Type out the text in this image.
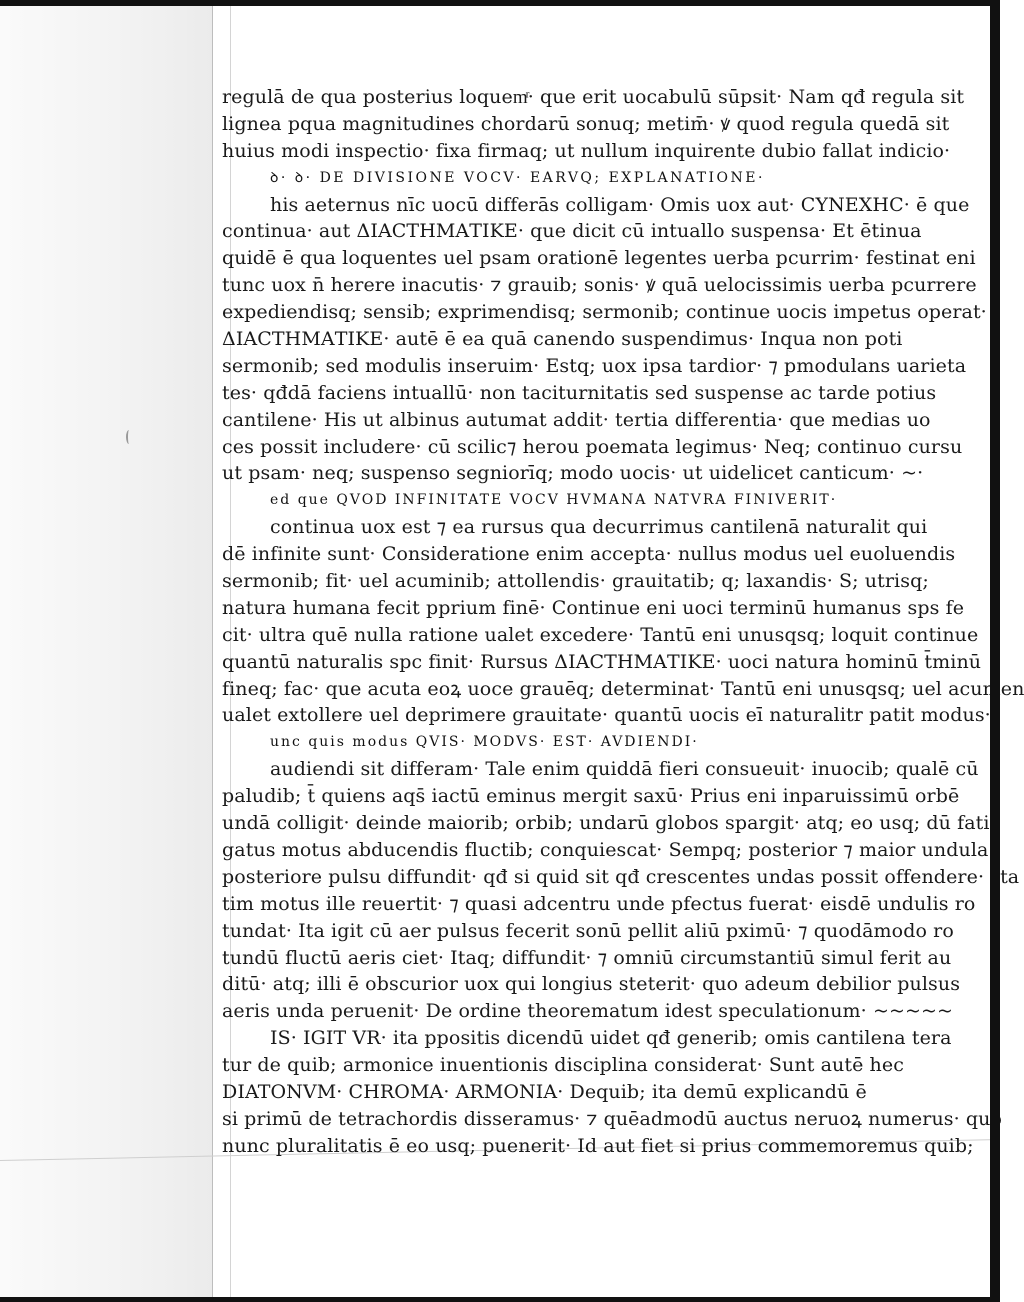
regulā de qua posterius loquemͬ· que erit uocabulū sūpsit· Nam qđ regula sit
lignea pqua magnitudines chordarū sonuq; metim̄· ꝟ quod regula quedā sit
huius modi inspectio· fixa firmaq; ut nullum inquirente dubio fallat indicio·
ꝺ· ꝺ· DE DIVISIONE VOCV· EARVQ; EXPLANATIONE·
his aeternus nīc uocū differās colligam· Omis uox aut· CYNEXHC· ē que
continua· aut ΔΙΑCΤΗΜΑΤΙΚΕ· que dicit cū intuallo suspensa· Et ētinua
quidē ē qua loquentes uel psam orationē legentes uerba pcurrim· festinat eni
tunc uox n̄ herere inacutis· ⁊ grauib; sonis· ꝟ quā uelocissimis uerba pcurrere
expediendisq; sensib; exprimendisq; sermonib; continue uocis impetus operat·
ΔΙΑCΤΗΜΑΤΙΚΕ· autē ē ea quā canendo suspendimus· Inqua non poti
sermonib; sed modulis inseruim· Estq; uox ipsa tardior· ⁊ pmodulans uarieta
tes· qđdā faciens intuallū· non taciturnitatis sed suspense ac tarde potius
cantilene· His ut albinus autumat addit· tertia differentia· que medias uo
ces possit includere· cū scilic⁊ herou poemata legimus· Neq; continuo cursu
ut psam· neq; suspenso segniorīq; modo uocis· ut uidelicet canticum· ~·
ed que QVOD INFINITATE VOCV HVMANA NATVRA FINIVERIT·
continua uox est ⁊ ea rursus qua decurrimus cantilenā naturalit qui
dē infinite sunt· Consideratione enim accepta· nullus modus uel euoluendis
sermonib; fit· uel acuminib; attollendis· grauitatib; q; laxandis· S; utrisq;
natura humana fecit pprium finē· Continue eni uoci terminū humanus sps fe
cit· ultra quē nulla ratione ualet excedere· Tantū eni unusqsq; loquit continue
quantū naturalis spc finit· Rursus ΔΙΑCΤΗΜΑΤΙΚΕ· uoci natura hominū t̄minū
fineq; fac· que acuta eoꝝ uoce grauēq; determinat· Tantū eni unusqsq; uel acumen
ualet extollere uel deprimere grauitate· quantū uocis eī naturalitr patit modus·
unc quis modus QVIS· MODVS· EST· AVDIENDI·
audiendi sit differam· Tale enim quiddā fieri consueuit· inuocib; qualē cū
paludib; t̄ quiens aqs̄ iactū eminus mergit saxū· Prius eni inparuissimū orbē
undā colligit· deinde maiorib; orbib; undarū globos spargit· atq; eo usq; dū fati
gatus motus abducendis fluctib; conquiescat· Sempq; posterior ⁊ maior undula
posteriore pulsu diffundit· qđ si quid sit qđ crescentes undas possit offendere· sta
tim motus ille reuertit· ⁊ quasi adcentru unde pfectus fuerat· eisdē undulis ro
tundat· Ita igit cū aer pulsus fecerit sonū pellit aliū pximū· ⁊ quodāmodo ro
tundū fluctū aeris ciet· Itaq; diffundit· ⁊ omniū circumstantiū simul ferit au
ditū· atq; illi ē obscurior uox qui longius steterit· quo adeum debilior pulsus
aeris unda peruenit· De ordine theorematum idest speculationum· ~~~~~
IS· IGIT VR· ita ppositis dicendū uidet qđ generib; omis cantilena tera
tur de quib; armonice inuentionis disciplina considerat· Sunt autē hec
DIATONVM· CHROMA· ARMONIA· Dequib; ita demū explicandū ē
si primū de tetrachordis disseramus· ⁊ quēadmodū auctus neruoꝝ numerus· quo
nunc pluralitatis ē eo usq; puenerit· Id aut fiet si prius commemoremus quib;
